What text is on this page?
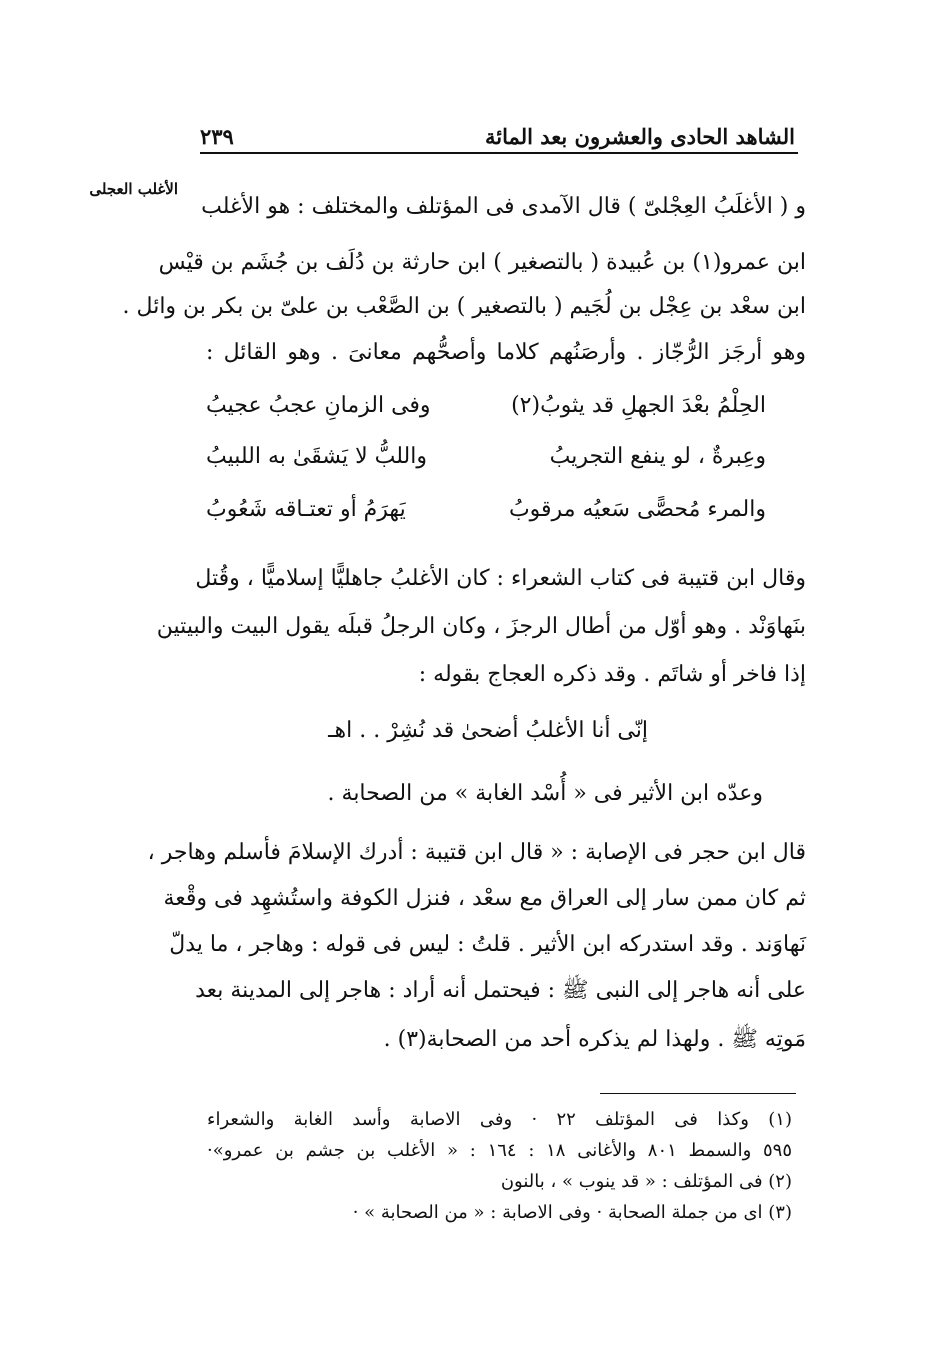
الشاهد الحادى والعشرون بعد المائة
٢٣٩
الأغلب العجلى
و ( الأغلَبُ العِجْلىّ ) قال الآمدى فى المؤتلف والمختلف : هو الأغلب
ابن عمرو(١) بن عُبيدة ( بالتصغير ) ابن حارثة بن دُلَف بن جُشَم بن قيْس
ابن سعْد بن عِجْل بن لُجَيم ( بالتصغير ) بن الصَّعْب بن علىّ بن بكر بن وائل .
وهو أرجَز الرُّجّاز . وأرصَنُهم كلاما وأصحُّهم معانىَ . وهو القائل :
الحِلْمُ بعْدَ الجهلِ قد يثوبُ(٢)
وفى الزمانِ عجبُ عجيبُ
وعِبرةٌ ، لو ينفع التجريبُ
واللبُّ لا يَشقَىٰ به اللبيبُ
والمرء مُحصًّى سَعيُه مرقوبُ
يَهرَمُ أو تعتـاقه شَعُوبُ
وقال ابن قتيبة فى كتاب الشعراء : كان الأغلبُ جاهليًّا إسلاميًّا ، وقُتل
بنَهاوَنْد . وهو أوّل من أطال الرجزَ ، وكان الرجلُ قبلَه يقول البيت والبيتين
إذا فاخر أو شاتَم . وقد ذكره العجاج بقوله :
إنّى أنا الأغلبُ أضحىٰ قد نُشِرْ . . اهـ
وعدّه ابن الأثير فى « أُسْد الغابة » من الصحابة .
قال ابن حجر فى الإصابة : « قال ابن قتيبة : أدرك الإسلامَ فأسلم وهاجر ،
ثم كان ممن سار إلى العراق مع سعْد ، فنزل الكوفة واستُشهِد فى وقْعة
نَهاوَند . وقد استدركه ابن الأثير . قلتُ : ليس فى قوله : وهاجر ، ما يدلّ
على أنه هاجر إلى النبى ﷺ : فيحتمل أنه أراد : هاجر إلى المدينة بعد
مَوتِه ﷺ . ولهذا لم يذكره أحد من الصحابة(٣) .
(١) وكذا فى المؤتلف ٢٢ · وفى الاصابة وأسد الغابة والشعراء
٥٩٥ والسمط ٨٠١ والأغانى ١٨ : ١٦٤ : « الأغلب بن جشم بن عمرو»·
(٢) فى المؤتلف : « قد ينوب » ، بالنون
(٣) اى من جملة الصحابة · وفى الاصابة : « من الصحابة » ·
